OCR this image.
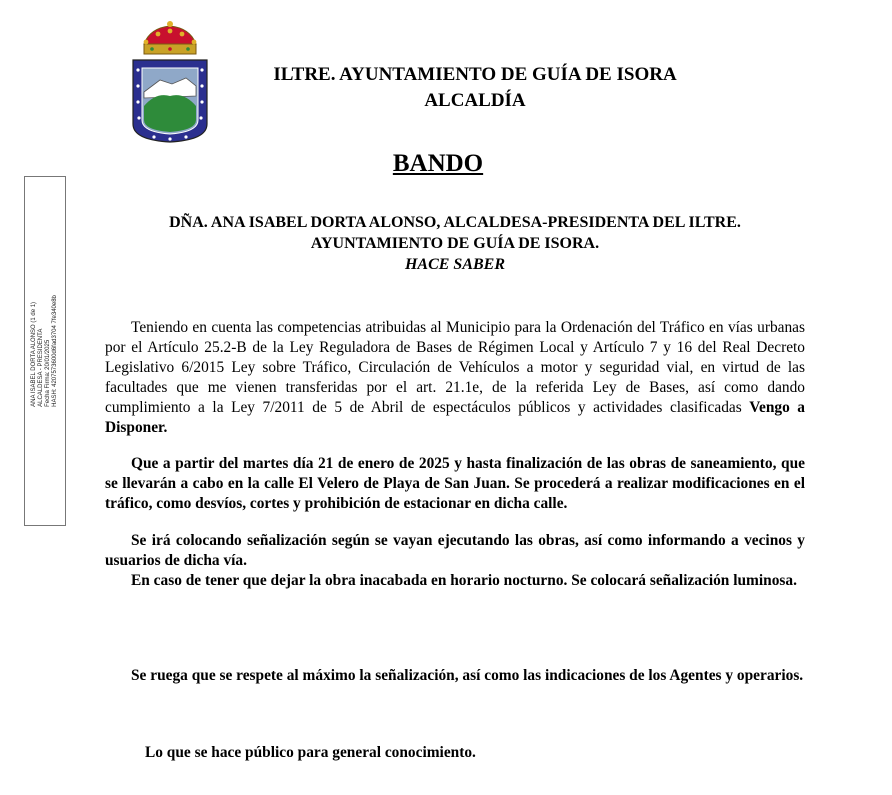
ILTRE. AYUNTAMIENTO DE GUÍA DE ISORA
ALCALDÍA
BANDO
ANA ISABEL DORTA ALONSO (1 de 1) ALCALDESA - PRESIDENTA Fecha Firma: 20/01/2025 HASH: 4207573600d6fad3704 7fe340e8b
DÑA. ANA ISABEL DORTA ALONSO, ALCALDESA-PRESIDENTA DEL ILTRE.
AYUNTAMIENTO DE GUÍA DE ISORA.
HACE SABER

Teniendo en cuenta las competencias atribuidas al Municipio para la Ordenación del Tráfico en vías urbanas por el Artículo 25.2-B de la Ley Reguladora de Bases de Régimen Local y Artículo 7 y 16 del Real Decreto Legislativo 6/2015 Ley sobre Tráfico, Circulación de Vehículos a motor y seguridad vial, en virtud de las facultades que me vienen transferidas por el art. 21.1e, de la referida Ley de Bases, así como dando cumplimiento a la Ley 7/2011 de 5 de Abril de espectáculos públicos y actividades clasificadas Vengo a Disponer.

Que a partir del martes día 21 de enero de 2025 y hasta finalización de las obras de saneamiento, que se llevarán a cabo en la calle El Velero de Playa de San Juan. Se procederá a realizar modificaciones en el tráfico, como desvíos, cortes y prohibición de estacionar en dicha calle.

Se irá colocando señalización según se vayan ejecutando las obras, así como informando a vecinos y usuarios de dicha vía.

En caso de tener que dejar la obra inacabada en horario nocturno. Se colocará señalización luminosa.

Se ruega que se respete al máximo la señalización, así como las indicaciones de los Agentes y operarios.

Lo que se hace público para general conocimiento.
